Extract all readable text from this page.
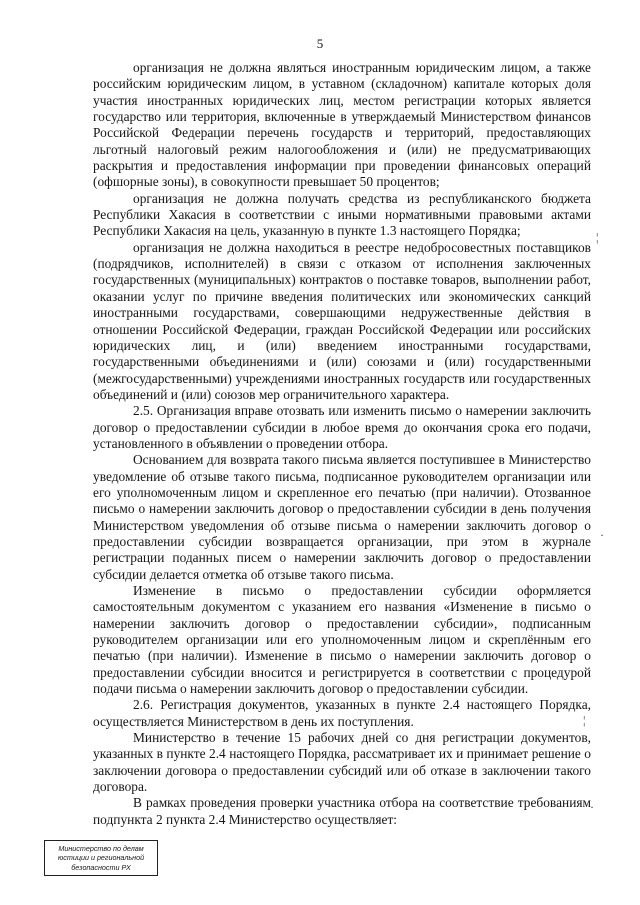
5

организация не должна являться иностранным юридическим лицом, а также российским юридическим лицом, в уставном (складочном) капитале которых доля участия иностранных юридических лиц, местом регистрации которых является государство или территория, включенные в утверждаемый Министерством финансов Российской Федерации перечень государств и территорий, предоставляющих льготный налоговый режим налогообложения и (или) не предусматривающих раскрытия и предоставления информации при проведении финансовых операций (офшорные зоны), в совокупности превышает 50 процентов;

организация не должна получать средства из республиканского бюджета Республики Хакасия в соответствии с иными нормативными правовыми актами Республики Хакасия на цель, указанную в пункте 1.3 настоящего Порядка;

организация не должна находиться в реестре недобросовестных поставщиков (подрядчиков, исполнителей) в связи с отказом от исполнения заключенных государственных (муниципальных) контрактов о поставке товаров, выполнении работ, оказании услуг по причине введения политических или экономических санкций иностранными государствами, совершающими недружественные действия в отношении Российской Федерации, граждан Российской Федерации или российских юридических лиц, и (или) введением иностранными государствами, государственными объединениями и (или) союзами и (или) государственными (межгосударственными) учреждениями иностранных государств или государственных объединений и (или) союзов мер ограничительного характера.

2.5. Организация вправе отозвать или изменить письмо о намерении заключить договор о предоставлении субсидии в любое время до окончания срока его подачи, установленного в объявлении о проведении отбора.

Основанием для возврата такого письма является поступившее в Министерство уведомление об отзыве такого письма, подписанное руководителем организации или его уполномоченным лицом и скрепленное его печатью (при наличии). Отозванное письмо о намерении заключить договор о предоставлении субсидии в день получения Министерством уведомления об отзыве письма о намерении заключить договор о предоставлении субсидии возвращается организации, при этом в журнале регистрации поданных писем о намерении заключить договор о предоставлении субсидии делается отметка об отзыве такого письма.

Изменение в письмо о предоставлении субсидии оформляется самостоятельным документом с указанием его названия «Изменение в письмо о намерении заключить договор о предоставлении субсидии», подписанным руководителем организации или его уполномоченным лицом и скреплённым его печатью (при наличии). Изменение в письмо о намерении заключить договор о предоставлении субсидии вносится и регистрируется в соответствии с процедурой подачи письма о намерении заключить договор о предоставлении субсидии.

2.6. Регистрация документов, указанных в пункте 2.4 настоящего Порядка, осуществляется Министерством в день их поступления.

Министерство в течение 15 рабочих дней со дня регистрации документов, указанных в пункте 2.4 настоящего Порядка, рассматривает их и принимает решение о заключении договора о предоставлении субсидий или об отказе в заключении такого договора.

В рамках проведения проверки участника отбора на соответствие требованиям подпункта 2 пункта 2.4 Министерство осуществляет:

¦
·
¦
·
Министерство по делам
юстиции и региональной
безопасности РХ
